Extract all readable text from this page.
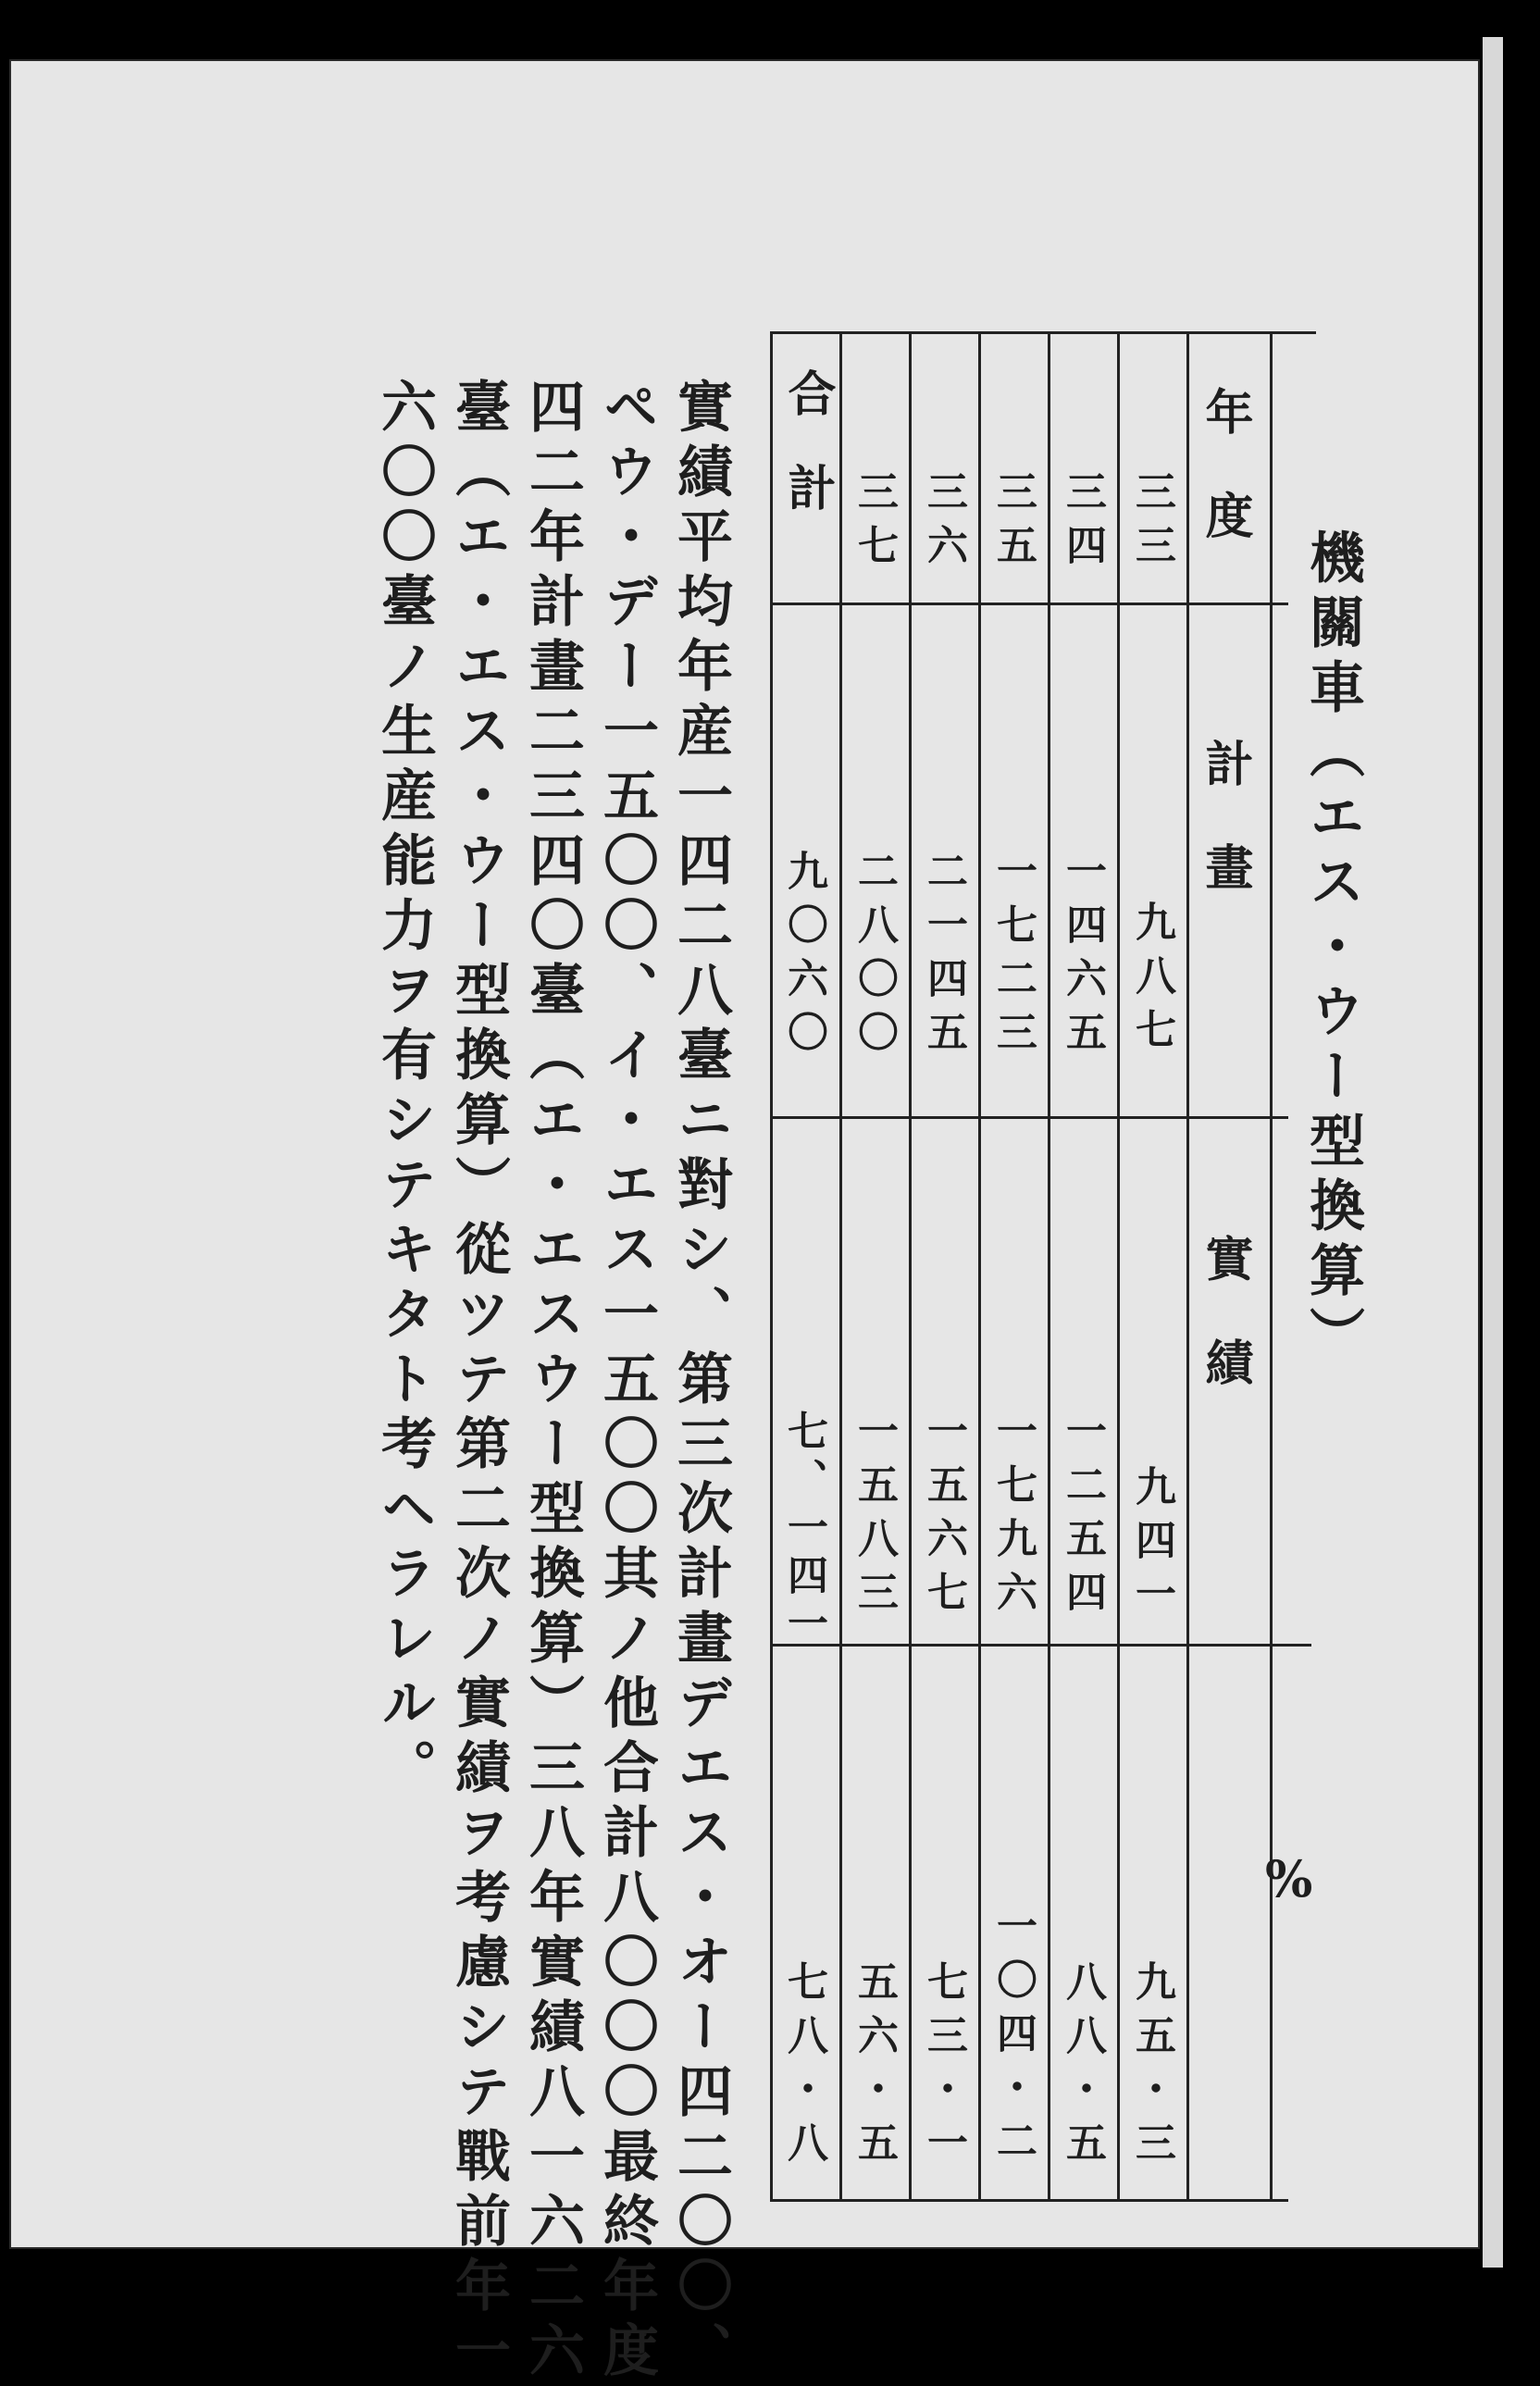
機關車（エス・ウー型換算）
年度
計畫
實績
%
三三
九八七
九四一
九五・三
三四
一四六五
一二五四
八八・五
三五
一七二三
一七九六
一〇四・二
三六
二一四五
一五六七
七三・一
三七
二八〇〇
一五八三
五六・五
合計
九〇六〇
七、一四一
七八・八
實績平均年産一四二八臺ニ對シ、第三次計畫デエス・オー四二〇〇、
ペウ・デー一五〇〇、イ・エス一五〇〇其ノ他合計八〇〇〇最終年度
四二年計畫二三四〇臺（エ・エスウー型換算）三八年實績八一六二六
臺（エ・エス・ウー型換算）從ツテ第二次ノ實績ヲ考慮シテ戰前年一
六〇〇臺ノ生産能力ヲ有シテキタト考ヘラレル。
